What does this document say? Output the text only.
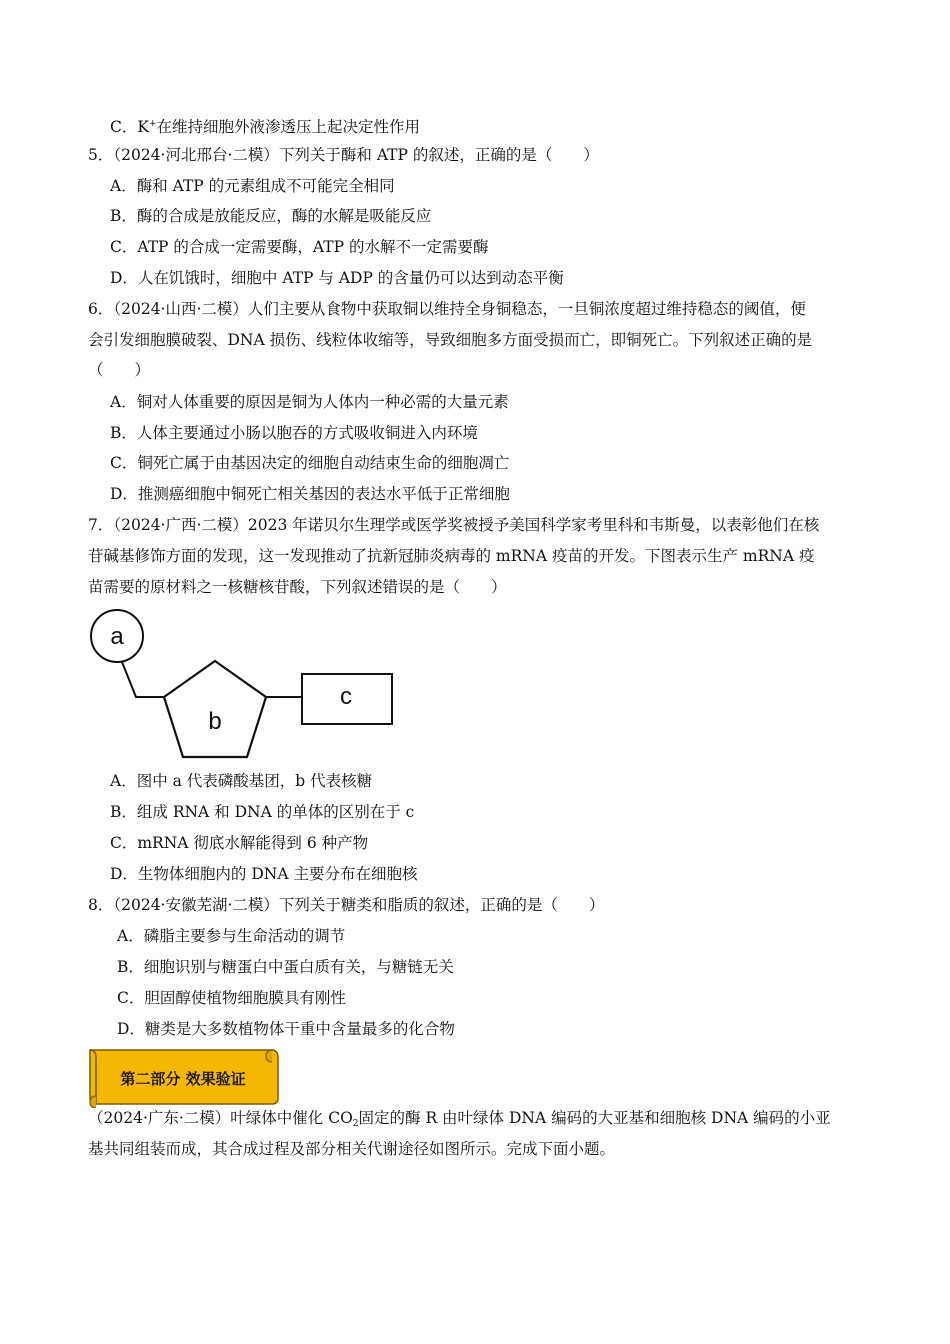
C．K+在维持细胞外液渗透压上起决定性作用
5．（2024·河北邢台·二模）下列关于酶和 ATP 的叙述，正确的是（　　）
A．酶和 ATP 的元素组成不可能完全相同
B．酶的合成是放能反应，酶的水解是吸能反应
C．ATP 的合成一定需要酶，ATP 的水解不一定需要酶
D．人在饥饿时，细胞中 ATP 与 ADP 的含量仍可以达到动态平衡
6．（2024·山西·二模）人们主要从食物中获取铜以维持全身铜稳态，一旦铜浓度超过维持稳态的阈值，便
会引发细胞膜破裂、DNA 损伤、线粒体收缩等，导致细胞多方面受损而亡，即铜死亡。下列叙述正确的是
（　　）
A．铜对人体重要的原因是铜为人体内一种必需的大量元素
B．人体主要通过小肠以胞吞的方式吸收铜进入内环境
C．铜死亡属于由基因决定的细胞自动结束生命的细胞凋亡
D．推测癌细胞中铜死亡相关基因的表达水平低于正常细胞
7．（2024·广西·二模）2023 年诺贝尔生理学或医学奖被授予美国科学家考里科和韦斯曼，以表彰他们在核
苷碱基修饰方面的发现，这一发现推动了抗新冠肺炎病毒的 mRNA 疫苗的开发。下图表示生产 mRNA 疫
苗需要的原材料之一核糖核苷酸，下列叙述错误的是（　　）
a
b
c
A．图中 a 代表磷酸基团，b 代表核糖
B．组成 RNA 和 DNA 的单体的区别在于 c
C．mRNA 彻底水解能得到 6 种产物
D．生物体细胞内的 DNA 主要分布在细胞核
8．（2024·安徽芜湖·二模）下列关于糖类和脂质的叙述，正确的是（　　）
A．磷脂主要参与生命活动的调节
B．细胞识别与糖蛋白中蛋白质有关，与糖链无关
C．胆固醇使植物细胞膜具有刚性
D．糖类是大多数植物体干重中含量最多的化合物
第二部分 效果验证
（2024·广东·二模）叶绿体中催化 $CO_2$固定的酶 R 由叶绿体 DNA 编码的大亚基和细胞核 DNA 编码的小亚
基共同组装而成，其合成过程及部分相关代谢途径如图所示。完成下面小题。
